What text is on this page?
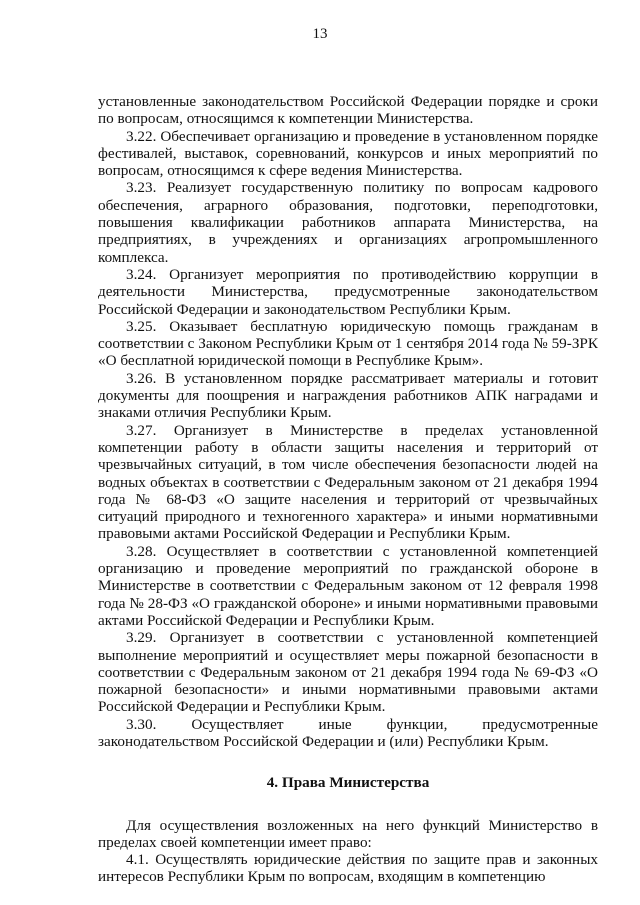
13

установленные законодательством Российской Федерации порядке и сроки по вопросам, относящимся к компетенции Министерства.

3.22. Обеспечивает организацию и проведение в установленном порядке фестивалей, выставок, соревнований, конкурсов и иных мероприятий по вопросам, относящимся к сфере ведения Министерства.

3.23. Реализует государственную политику по вопросам кадрового обеспечения, аграрного образования, подготовки, переподготовки, повышения квалификации работников аппарата Министерства, на предприятиях, в учреждениях и организациях агропромышленного комплекса.

3.24. Организует мероприятия по противодействию коррупции в деятельности Министерства, предусмотренные законодательством Российской Федерации и законодательством Республики Крым.

3.25. Оказывает бесплатную юридическую помощь гражданам в соответствии с Законом Республики Крым от 1 сентября 2014 года № 59-ЗРК «О бесплатной юридической помощи в Республике Крым».

3.26. В установленном порядке рассматривает материалы и готовит документы для поощрения и награждения работников АПК наградами и знаками отличия Республики Крым.

3.27. Организует в Министерстве в пределах установленной компетенции работу в области защиты населения и территорий от чрезвычайных ситуаций, в том числе обеспечения безопасности людей на водных объектах в соответствии с Федеральным законом от 21 декабря 1994 года № 68-ФЗ «О защите населения и территорий от чрезвычайных ситуаций природного и техногенного характера» и иными нормативными правовыми актами Российской Федерации и Республики Крым.

3.28. Осуществляет в соответствии с установленной компетенцией организацию и проведение мероприятий по гражданской обороне в Министерстве в соответствии с Федеральным законом от 12 февраля 1998 года № 28-ФЗ «О гражданской обороне» и иными нормативными правовыми актами Российской Федерации и Республики Крым.

3.29. Организует в соответствии с установленной компетенцией выполнение мероприятий и осуществляет меры пожарной безопасности в соответствии с Федеральным законом от 21 декабря 1994 года № 69-ФЗ «О пожарной безопасности» и иными нормативными правовыми актами Российской Федерации и Республики Крым.

3.30. Осуществляет иные функции, предусмотренные законодательством Российской Федерации и (или) Республики Крым.

4. Права Министерства

Для осуществления возложенных на него функций Министерство в пределах своей компетенции имеет право:

4.1. Осуществлять юридические действия по защите прав и законных интересов Республики Крым по вопросам, входящим в компетенцию
